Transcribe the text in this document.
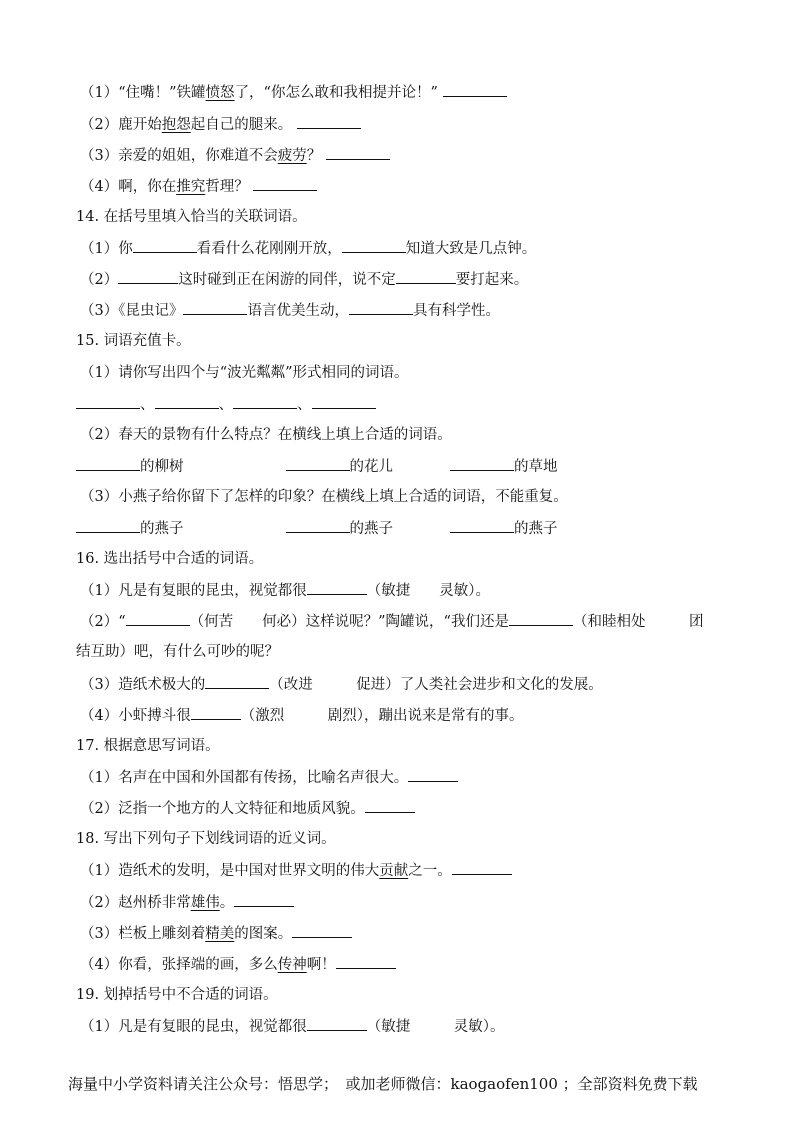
（1）“住嘴！”铁罐愤怒了，“你怎么敢和我相提并论！”
（2）鹿开始抱怨起自己的腿来。
（3）亲爱的姐姐，你难道不会疲劳？
（4）啊，你在推究哲理？
14. 在括号里填入恰当的关联词语。
（1）你	看看什么花刚刚开放，	知道大致是几点钟。
（2）	这时碰到正在闲游的同伴，说不定	要打起来。
（3）《昆虫记》	语言优美生动，	具有科学性。
15. 词语充值卡。
（1）请你写出四个与“波光粼粼”形式相同的词语。
、	、	、
（2）春天的景物有什么特点？在横线上填上合适的词语。
的柳树	的花儿	的草地
（3）小燕子给你留下了怎样的印象？在横线上填上合适的词语，不能重复。
的燕子	的燕子	的燕子
16. 选出括号中合适的词语。
（1）凡是有复眼的昆虫，视觉都很	（敏捷　　灵敏）。
（2）“	（何苦　　何必）这样说呢？”陶罐说，“我们还是	（和睦相处　　　团
结互助）吧，有什么可吵的呢？
（3）造纸术极大的	（改进　　　促进）了人类社会进步和文化的发展。
（4）小虾搏斗很	（激烈　　　剧烈），蹦出说来是常有的事。
17. 根据意思写词语。
（1）名声在中国和外国都有传扬，比喻名声很大。
（2）泛指一个地方的人文特征和地质风貌。
18. 写出下列句子下划线词语的近义词。
（1）造纸术的发明，是中国对世界文明的伟大贡献之一。
（2）赵州桥非常雄伟。
（3）栏板上雕刻着精美的图案。
（4）你看，张择端的画，多么传神啊！
19. 划掉括号中不合适的词语。
（1）凡是有复眼的昆虫，视觉都很	（敏捷　　　灵敏）。
海量中小学资料请关注公众号：悟思学；　或加老师微信：kaogaofen100 ；全部资料免费下载
